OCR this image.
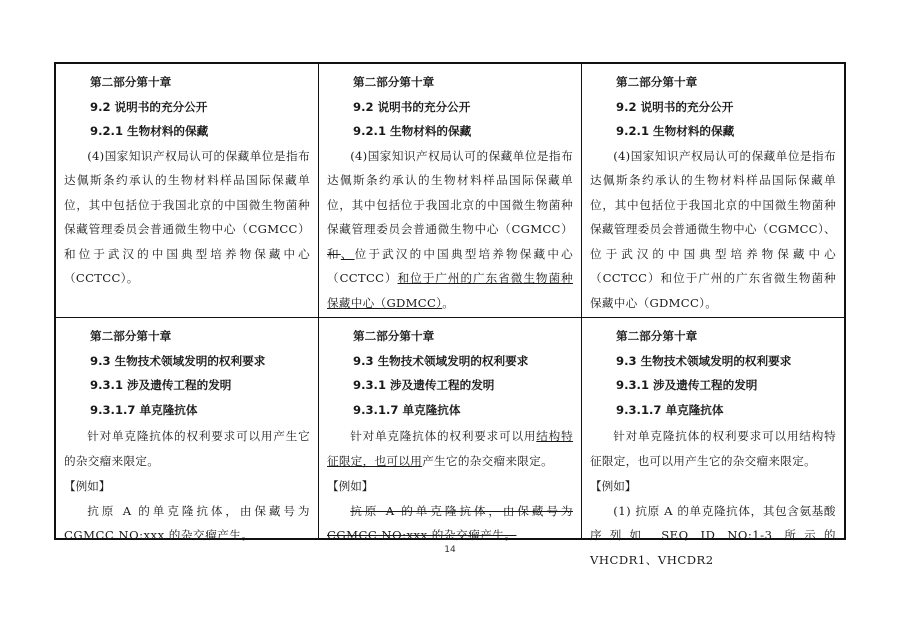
第二部分第十章
9.2 说明书的充分公开
9.2.1 生物材料的保藏
(4)国家知识产权局认可的保藏单位是指布达佩斯条约承认的生物材料样品国际保藏单位，其中包括位于我国北京的中国微生物菌种保藏管理委员会普通微生物中心（CGMCC）和位于武汉的中国典型培养物保藏中心（CCTCC）。
第二部分第十章
9.2 说明书的充分公开
9.2.1 生物材料的保藏
(4)国家知识产权局认可的保藏单位是指布达佩斯条约承认的生物材料样品国际保藏单位，其中包括位于我国北京的中国微生物菌种保藏管理委员会普通微生物中心（CGMCC）和、位于武汉的中国典型培养物保藏中心（CCTCC）和位于广州的广东省微生物菌种保藏中心（GDMCC）。
第二部分第十章
9.2 说明书的充分公开
9.2.1 生物材料的保藏
(4)国家知识产权局认可的保藏单位是指布达佩斯条约承认的生物材料样品国际保藏单位，其中包括位于我国北京的中国微生物菌种保藏管理委员会普通微生物中心（CGMCC）、位于武汉的中国典型培养物保藏中心（CCTCC）和位于广州的广东省微生物菌种保藏中心（GDMCC）。
第二部分第十章
9.3 生物技术领域发明的权利要求
9.3.1 涉及遗传工程的发明
9.3.1.7 单克隆抗体
针对单克隆抗体的权利要求可以用产生它的杂交瘤来限定。
【例如】
抗原 A 的单克隆抗体，由保藏号为 CGMCC NO:xxx 的杂交瘤产生。
第二部分第十章
9.3 生物技术领域发明的权利要求
9.3.1 涉及遗传工程的发明
9.3.1.7 单克隆抗体
针对单克隆抗体的权利要求可以用结构特征限定，也可以用产生它的杂交瘤来限定。
【例如】
抗原 A 的单克隆抗体，由保藏号为 CGMCC NO:xxx 的杂交瘤产生。
第二部分第十章
9.3 生物技术领域发明的权利要求
9.3.1 涉及遗传工程的发明
9.3.1.7 单克隆抗体
针对单克隆抗体的权利要求可以用结构特征限定，也可以用产生它的杂交瘤来限定。
【例如】
(1) 抗原 A 的单克隆抗体，其包含氨基酸序列如 SEQ ID NO:1-3 所示的 VHCDR1、VHCDR2
14
